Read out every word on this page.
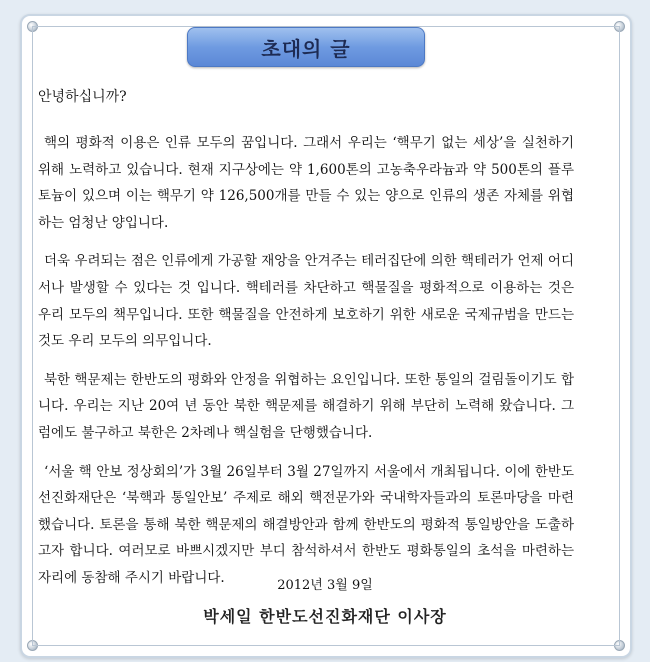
초대의 글
안녕하십니까?

핵의 평화적 이용은 인류 모두의 꿈입니다. 그래서 우리는 ‘핵무기 없는 세상’을 실천하기 위해 노력하고 있습니다. 현재 지구상에는 약 1,600톤의 고농축우라늄과 약 500톤의 플루토늄이 있으며 이는 핵무기 약 126,500개를 만들 수 있는 양으로 인류의 생존 자체를 위협하는 엄청난 양입니다.

더욱 우려되는 점은 인류에게 가공할 재앙을 안겨주는 테러집단에 의한 핵테러가 언제 어디서나 발생할 수 있다는 것 입니다. 핵테러를 차단하고 핵물질을 평화적으로 이용하는 것은 우리 모두의 책무입니다. 또한 핵물질을 안전하게 보호하기 위한 새로운 국제규범을 만드는 것도 우리 모두의 의무입니다.

북한 핵문제는 한반도의 평화와 안정을 위협하는 요인입니다. 또한 통일의 걸림돌이기도 합니다. 우리는 지난 20여 년 동안 북한 핵문제를 해결하기 위해 부단히 노력해 왔습니다. 그럼에도 불구하고 북한은 2차례나 핵실험을 단행했습니다.

‘서울 핵 안보 정상회의’가 3월 26일부터 3월 27일까지 서울에서 개최됩니다. 이에 한반도선진화재단은 ‘북핵과 통일안보’ 주제로 해외 핵전문가와 국내학자들과의 토론마당을 마련했습니다. 토론을 통해 북한 핵문제의 해결방안과 함께 한반도의 평화적 통일방안을 도출하고자 합니다. 여러모로 바쁘시겠지만 부디 참석하셔서 한반도 평화통일의 초석을 마련하는 자리에 동참해 주시기 바랍니다.	2012년 3월 9일
박세일 한반도선진화재단 이사장
